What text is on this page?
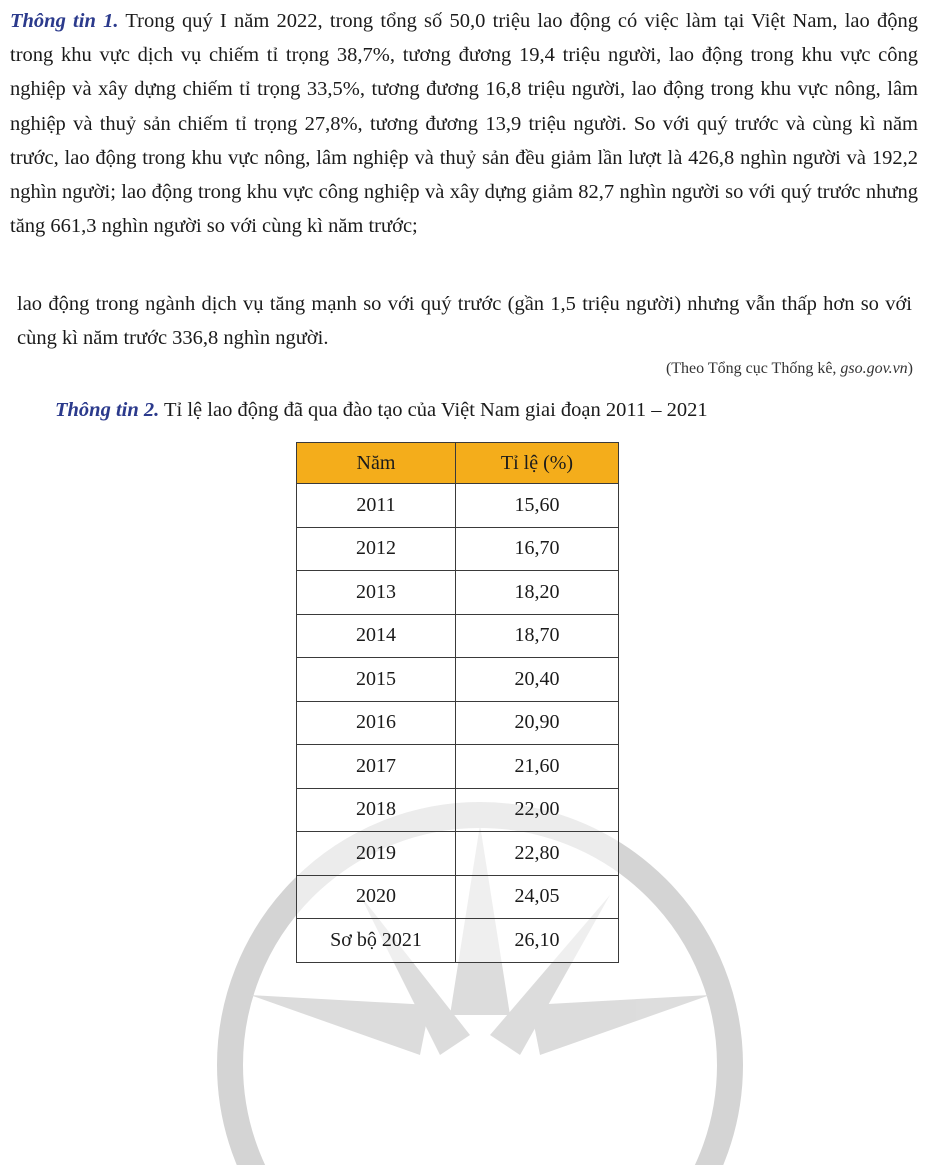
Thông tin 1. Trong quý I năm 2022, trong tổng số 50,0 triệu lao động có việc làm tại Việt Nam, lao động trong khu vực dịch vụ chiếm tỉ trọng 38,7%, tương đương 19,4 triệu người, lao động trong khu vực công nghiệp và xây dựng chiếm tỉ trọng 33,5%, tương đương 16,8 triệu người, lao động trong khu vực nông, lâm nghiệp và thuỷ sản chiếm tỉ trọng 27,8%, tương đương 13,9 triệu người. So với quý trước và cùng kì năm trước, lao động trong khu vực nông, lâm nghiệp và thuỷ sản đều giảm lần lượt là 426,8 nghìn người và 192,2 nghìn người; lao động trong khu vực công nghiệp và xây dựng giảm 82,7 nghìn người so với quý trước nhưng tăng 661,3 nghìn người so với cùng kì năm trước;

lao động trong ngành dịch vụ tăng mạnh so với quý trước (gần 1,5 triệu người) nhưng vẫn thấp hơn so với cùng kì năm trước 336,8 nghìn người.

(Theo Tổng cục Thống kê, gso.gov.vn)

Thông tin 2. Tỉ lệ lao động đã qua đào tạo của Việt Nam giai đoạn 2011 – 2021

Năm	Tỉ lệ (%)
2011	15,60
2012	16,70
2013	18,20
2014	18,70
2015	20,40
2016	20,90
2017	21,60
2018	22,00
2019	22,80
2020	24,05
Sơ bộ 2021	26,10
